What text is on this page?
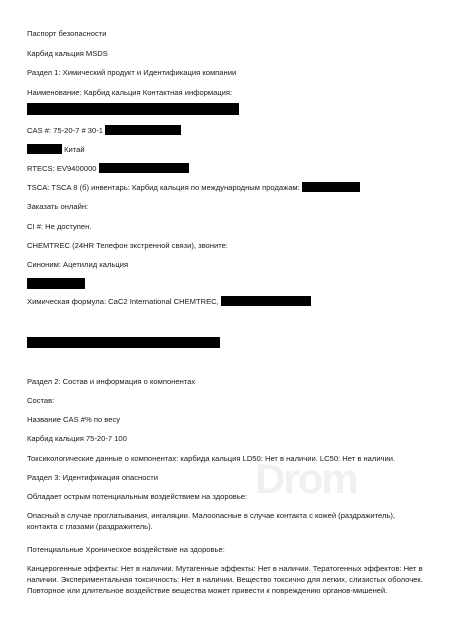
Паспорт безопасности
Карбид кальция MSDS
Раздел 1: Химический продукт и Идентификация компании
Наименование: Карбид кальция Контактная информация:
CAS #: 75-20-7 # 30-1
Китай
RTECS: EV9400000
TSCA: TSCA 8 (б) инвентарь: Карбид кальция по международным продажам:
Заказать онлайн:
CI #: Не доступен.
CHEMTREC (24HR Телефон экстренной связи), звоните:
Синоним: Ацетилид кальция
Химическая формула: CaC2 International CHEMTREC,
Раздел 2: Состав и информация о компонентах
Состав:
Название CAS #% по весу
Карбид кальция 75-20-7 100
Токсикологические данные о компонентах: карбида кальция LD50: Нет в наличии. LC50: Нет в наличии.
Раздел 3: Идентификация опасности
Обладает острым потенциальным воздействием на здоровье:
Опасный в случае проглатывания, ингаляции. Малоопасные в случае контакта с кожей (раздражитель), контакта с глазами (раздражитель).
Потенциальные Хроническое воздействие на здоровье:
Канцерогенные эффекты: Нет в наличии. Мутагенные эффекты: Нет в наличии. Тератогенных эффектов: Нет в наличии. Экспериментальная токсичность: Нет в наличии. Вещество токсично для легких, слизистых оболочек. Повторное или длительное воздействие вещества может привести к повреждению органов-мишеней.
Drom
